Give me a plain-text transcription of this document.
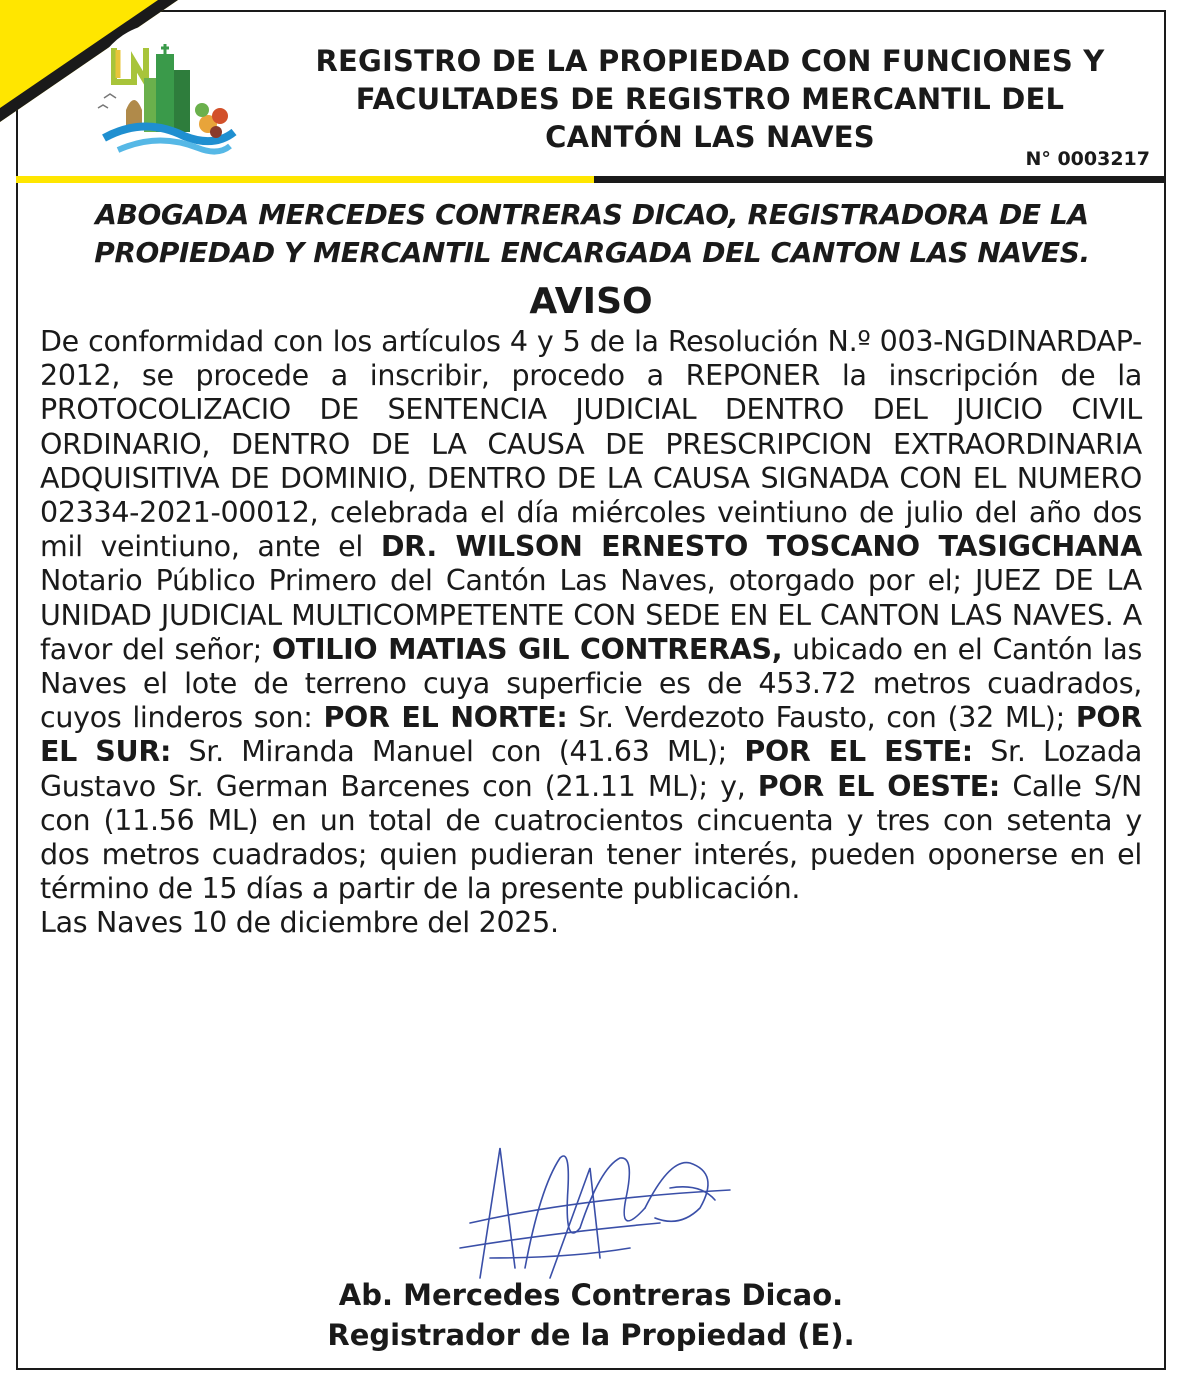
REGISTRO DE LA PROPIEDAD CON FUNCIONES Y
FACULTADES DE REGISTRO MERCANTIL DEL
CANTÓN LAS NAVES
N° 0003217
ABOGADA MERCEDES CONTRERAS DICAO, REGISTRADORA DE LA
PROPIEDAD Y MERCANTIL ENCARGADA DEL CANTON LAS NAVES.
AVISO

De conformidad con los artículos 4 y 5 de la Resolución N.º 003-NGDINARDAP-2012, se procede a inscribir, procedo a REPONER la inscripción de la PROTOCOLIZACIO DE SENTENCIA JUDICIAL DENTRO DEL JUICIO CIVIL ORDINARIO, DENTRO DE LA CAUSA DE PRESCRIPCION EXTRAORDINARIA ADQUISITIVA DE DOMINIO, DENTRO DE LA CAUSA SIGNADA CON EL NUMERO 02334-2021-00012, celebrada el día miércoles veintiuno de julio del año dos mil veintiuno, ante el DR. WILSON ERNESTO TOSCANO TASIGCHANA Notario Público Primero del Cantón Las Naves, otorgado por el; JUEZ DE LA UNIDAD JUDICIAL MULTICOMPETENTE CON SEDE EN EL CANTON LAS NAVES. A favor del señor; OTILIO MATIAS GIL CONTRERAS, ubicado en el Cantón las Naves el lote de terreno cuya superficie es de 453.72 metros cuadrados, cuyos linderos son: POR EL NORTE: Sr. Verdezoto Fausto, con (32 ML); POR EL SUR: Sr. Miranda Manuel con (41.63 ML); POR EL ESTE: Sr. Lozada Gustavo Sr. German Barcenes con (21.11 ML); y, POR EL OESTE: Calle S/N con (11.56 ML) en un total de cuatrocientos cincuenta y tres con setenta y dos metros cuadrados; quien pudieran tener interés, pueden oponerse en el término de 15 días a partir de la presente publicación.

Las Naves 10 de diciembre del 2025.

Ab. Mercedes Contreras Dicao.
Registrador de la Propiedad (E).
